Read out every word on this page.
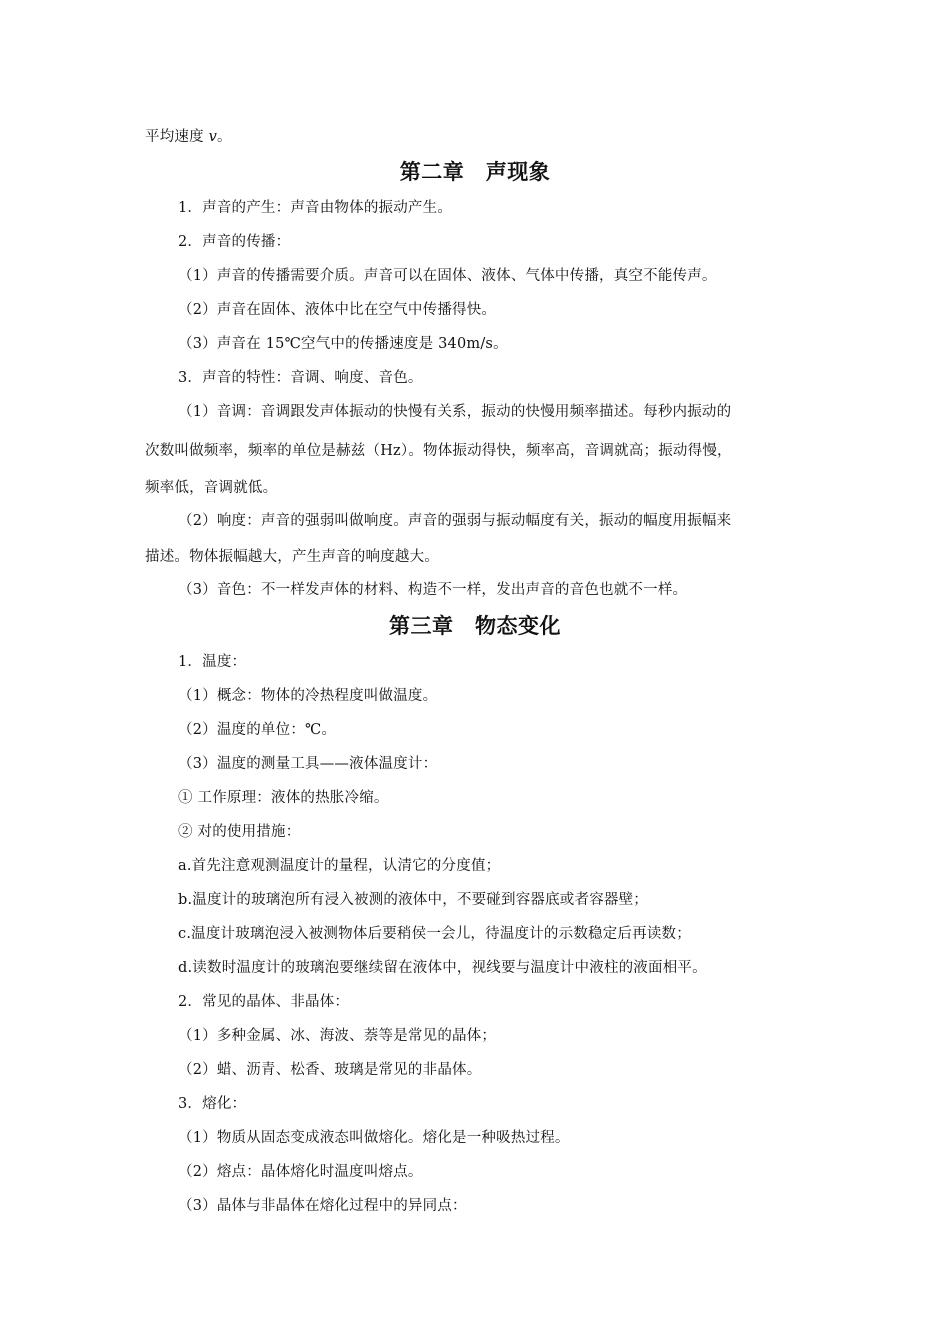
平均速度 v。
第二章　声现象
1．声音的产生：声音由物体的振动产生。
2．声音的传播：
（1）声音的传播需要介质。声音可以在固体、液体、气体中传播，真空不能传声。
（2）声音在固体、液体中比在空气中传播得快。
（3）声音在 15℃空气中的传播速度是 340m/s。
3．声音的特性：音调、响度、音色。
（1）音调：音调跟发声体振动的快慢有关系，振动的快慢用频率描述。每秒内振动的
次数叫做频率，频率的单位是赫兹（Hz）。物体振动得快，频率高，音调就高；振动得慢，
频率低，音调就低。
（2）响度：声音的强弱叫做响度。声音的强弱与振动幅度有关，振动的幅度用振幅来
描述。物体振幅越大，产生声音的响度越大。
（3）音色：不一样发声体的材料、构造不一样，发出声音的音色也就不一样。
第三章　物态变化
1．温度：
（1）概念：物体的冷热程度叫做温度。
（2）温度的单位：℃。
（3）温度的测量工具——液体温度计：
① 工作原理：液体的热胀冷缩。
② 对的使用措施：
a.首先注意观测温度计的量程，认清它的分度值；
b.温度计的玻璃泡所有浸入被测的液体中，不要碰到容器底或者容器壁；
c.温度计玻璃泡浸入被测物体后要稍侯一会儿，待温度计的示数稳定后再读数；
d.读数时温度计的玻璃泡要继续留在液体中，视线要与温度计中液柱的液面相平。
2．常见的晶体、非晶体：
（1）多种金属、冰、海波、萘等是常见的晶体；
（2）蜡、沥青、松香、玻璃是常见的非晶体。
3．熔化：
（1）物质从固态变成液态叫做熔化。熔化是一种吸热过程。
（2）熔点：晶体熔化时温度叫熔点。
（3）晶体与非晶体在熔化过程中的异同点：
